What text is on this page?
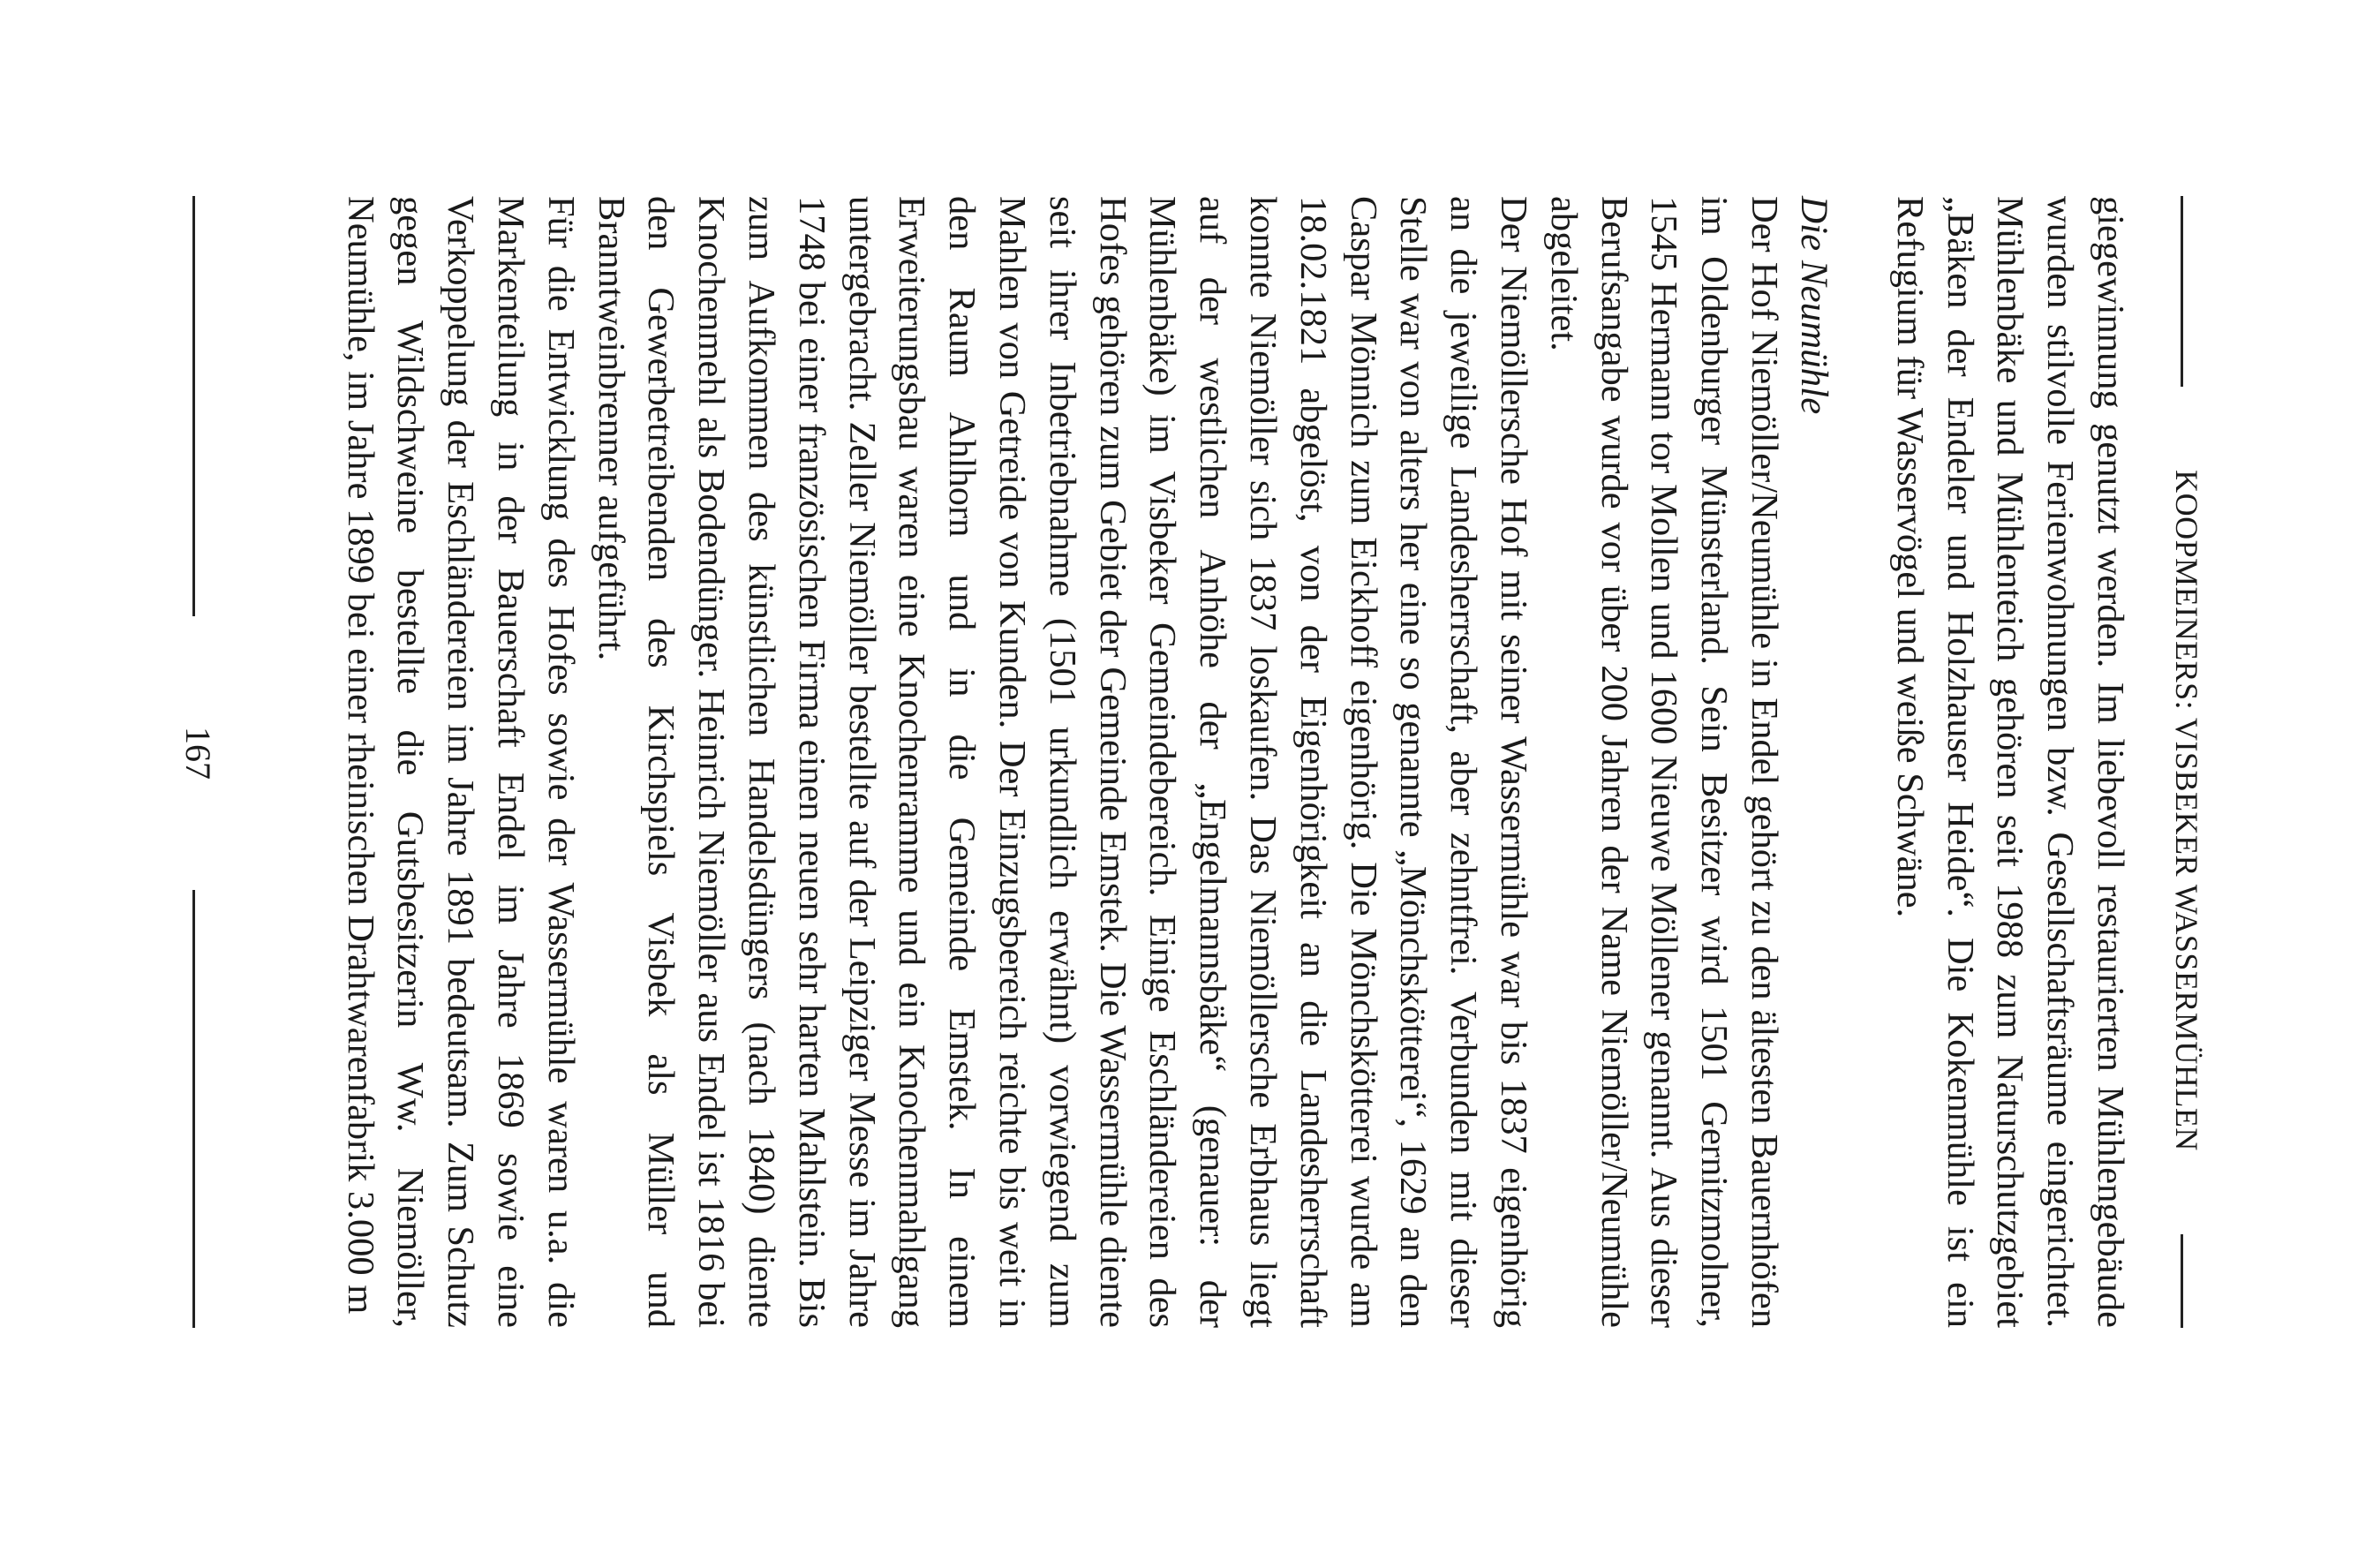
KOOPMEINERS: VISBEKER WASSERMÜHLEN

giegewinnung genutzt werden. Im liebevoll restaurierten Mühlengebäude wurden stilvolle Ferienwohnungen bzw. Gesellschaftsräume eingerichtet. Mühlenbäke und Mühlenteich gehören seit 1988 zum Naturschutzgebiet „Bäken der Endeler und Holzhauser Heide“. Die Kokenmühle ist ein Refugium für Wasservögel und weiße Schwäne.

Die Neumühle

Der Hof Niemöller/Neumühle in Endel gehört zu den ältesten Bauernhöfen im Oldenburger Münsterland. Sein Besitzer wird 1501 Gernitzmolner, 1545 Hermann tor Mollen und 1600 Nieuwe Möllener genannt. Aus dieser Berufsangabe wurde vor über 200 Jahren der Name Niemöller/Neumühle abgeleitet.

Der Niemöllersche Hof mit seiner Wassermühle war bis 1837 eigenhörig an die jeweilige Landesherrschaft, aber zehntfrei. Verbunden mit dieser Stelle war von alters her eine so genannte „Mönchskötterei“, 1629 an den Caspar Mönnich zum Eickhoff eigenhörig. Die Mönchskötterei wurde am 18.02.1821 abgelöst, von der Eigenhörigkeit an die Landesherrschaft konnte Niemöller sich 1837 loskaufen. Das Niemöllersche Erbhaus liegt auf der westlichen Anhöhe der „Engelmannsbäke“ (genauer: der Mühlenbäke) im Visbeker Gemeindebereich. Einige Eschländereien des Hofes gehören zum Gebiet der Gemeinde Emstek. Die Wassermühle diente seit ihrer Inbetriebnahme (1501 urkundlich erwähnt) vorwiegend zum Mahlen von Getreide von Kunden. Der Einzugsbereich reichte bis weit in den Raum Ahlhorn und in die Gemeinde Emstek. In einem Erweiterungsbau waren eine Knochenramme und ein Knochenmahlgang untergebracht. Zeller Niemöller bestellte auf der Leipziger Messe im Jahre 1748 bei einer französischen Firma einen neuen sehr harten Mahlstein. Bis zum Aufkommen des künstlichen Handelsdüngers (nach 1840) diente Knochenmehl als Bodendünger. Heinrich Niemöller aus Endel ist 1816 bei den Gewerbetreibenden des Kirchspiels Visbek als Müller und Branntweinbrenner aufgeführt.

Für die Entwicklung des Hofes sowie der Wassermühle waren u.a. die Markenteilung in der Bauerschaft Endel im Jahre 1869 sowie eine Verkoppelung der Eschländereien im Jahre 1891 bedeutsam. Zum Schutz gegen Wildschweine bestellte die Gutsbesitzerin Ww. Niemöller, Neumühle, im Jahre 1899 bei einer rheinischen Drahtwarenfabrik 3.000 m

167
